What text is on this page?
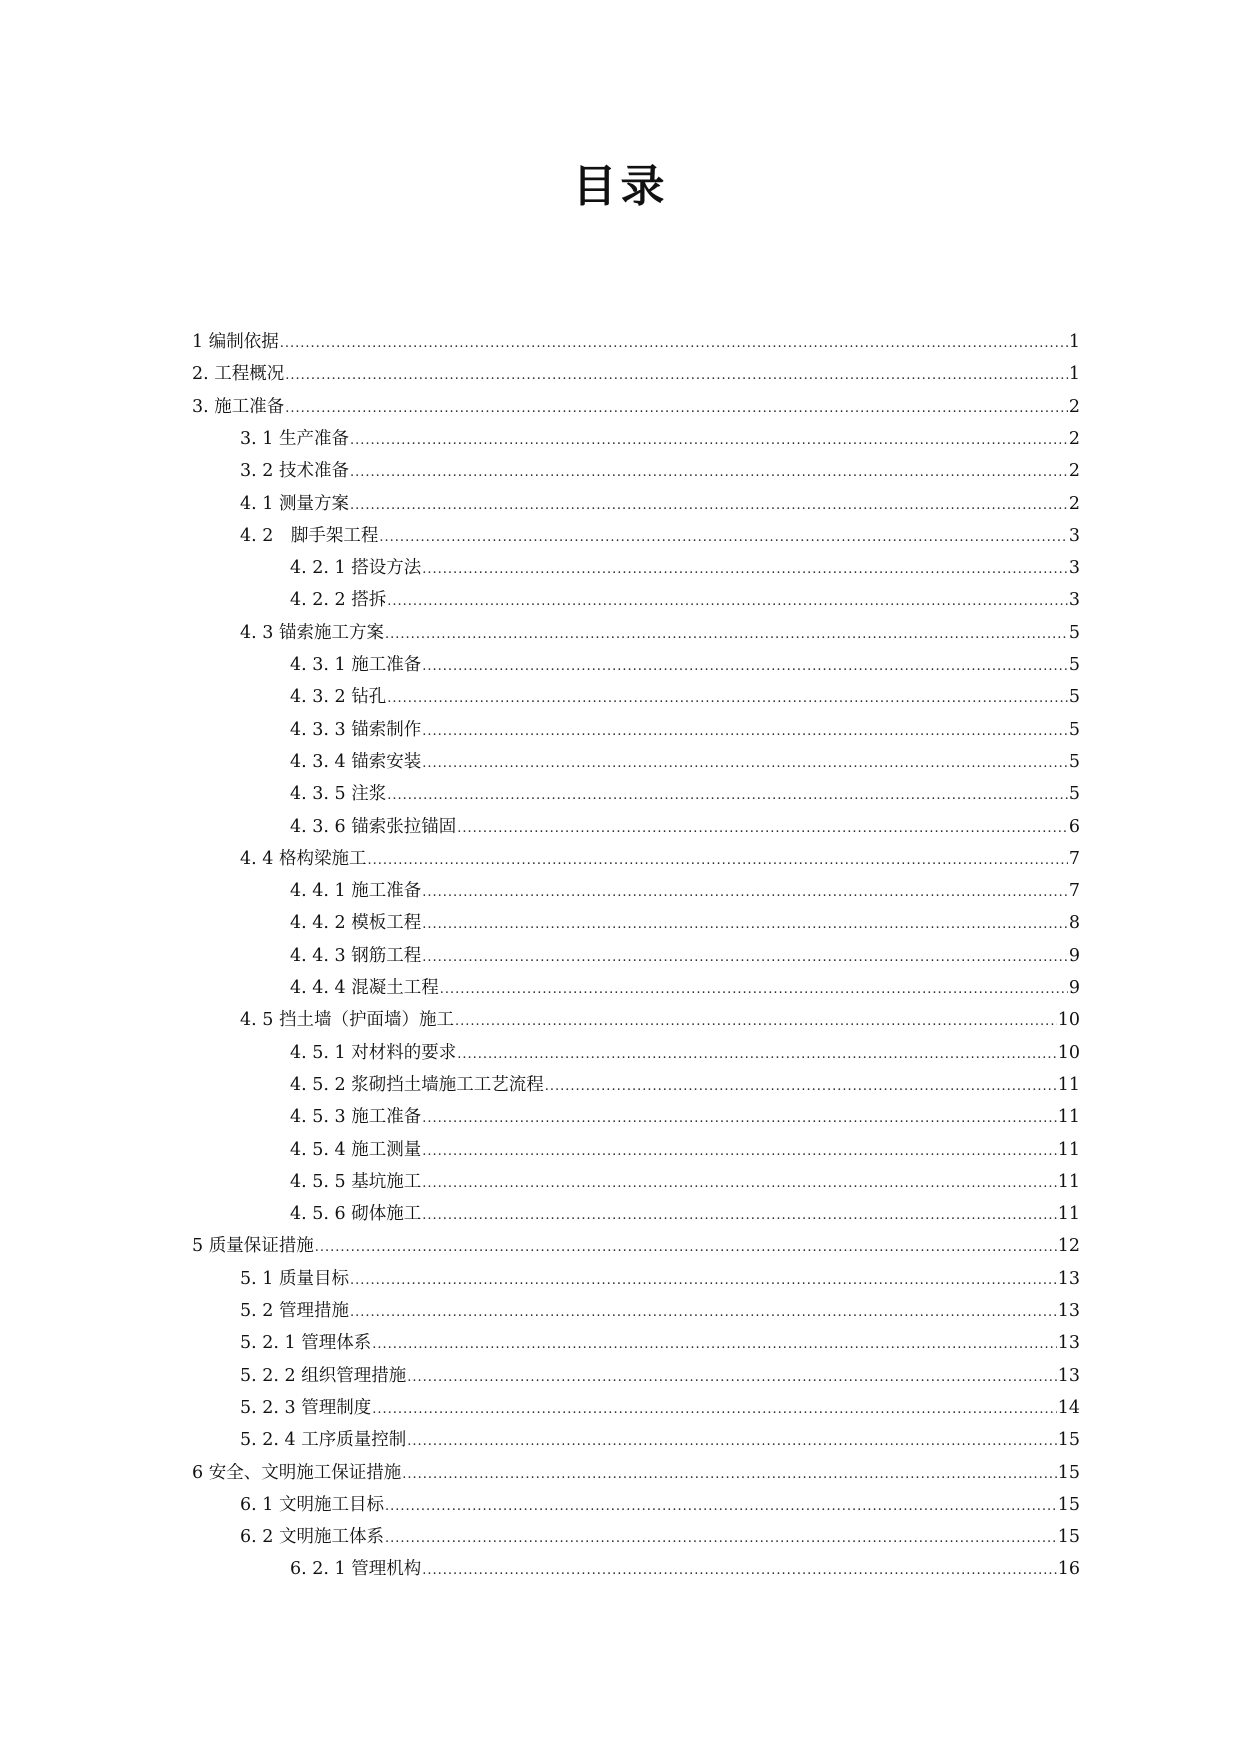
目录
1 编制依据 .....	1
2. 工程概况 .....	1
3. 施工准备 .....	2
3. 1 生产准备 .....	2
3. 2 技术准备 .....	2
4. 1 测量方案 .....	2
4. 2　脚手架工程 .....	3
4. 2. 1 搭设方法 .....	3
4. 2. 2 搭拆 .....	3
4. 3 锚索施工方案 .....	5
4. 3. 1 施工准备 .....	5
4. 3. 2 钻孔 .....	5
4. 3. 3 锚索制作 .....	5
4. 3. 4 锚索安装 .....	5
4. 3. 5 注浆 .....	5
4. 3. 6 锚索张拉锚固 .....	6
4. 4 格构梁施工 .....	7
4. 4. 1 施工准备 .....	7
4. 4. 2 模板工程 .....	8
4. 4. 3 钢筋工程 .....	9
4. 4. 4 混凝土工程 .....	9
4. 5 挡土墙（护面墙）施工 .....	10
4. 5. 1 对材料的要求 .....	10
4. 5. 2 浆砌挡土墙施工工艺流程 .....	11
4. 5. 3 施工准备 .....	11
4. 5. 4 施工测量 .....	11
4. 5. 5 基坑施工 .....	11
4. 5. 6 砌体施工 .....	11
5 质量保证措施 .....	12
5. 1 质量目标 .....	13
5. 2 管理措施 .....	13
5. 2. 1 管理体系 .....	13
5. 2. 2 组织管理措施 .....	13
5. 2. 3 管理制度 .....	14
5. 2. 4 工序质量控制 .....	15
6 安全、文明施工保证措施 .....	15
6. 1 文明施工目标 .....	15
6. 2 文明施工体系 .....	15
6. 2. 1 管理机构 .....	16
